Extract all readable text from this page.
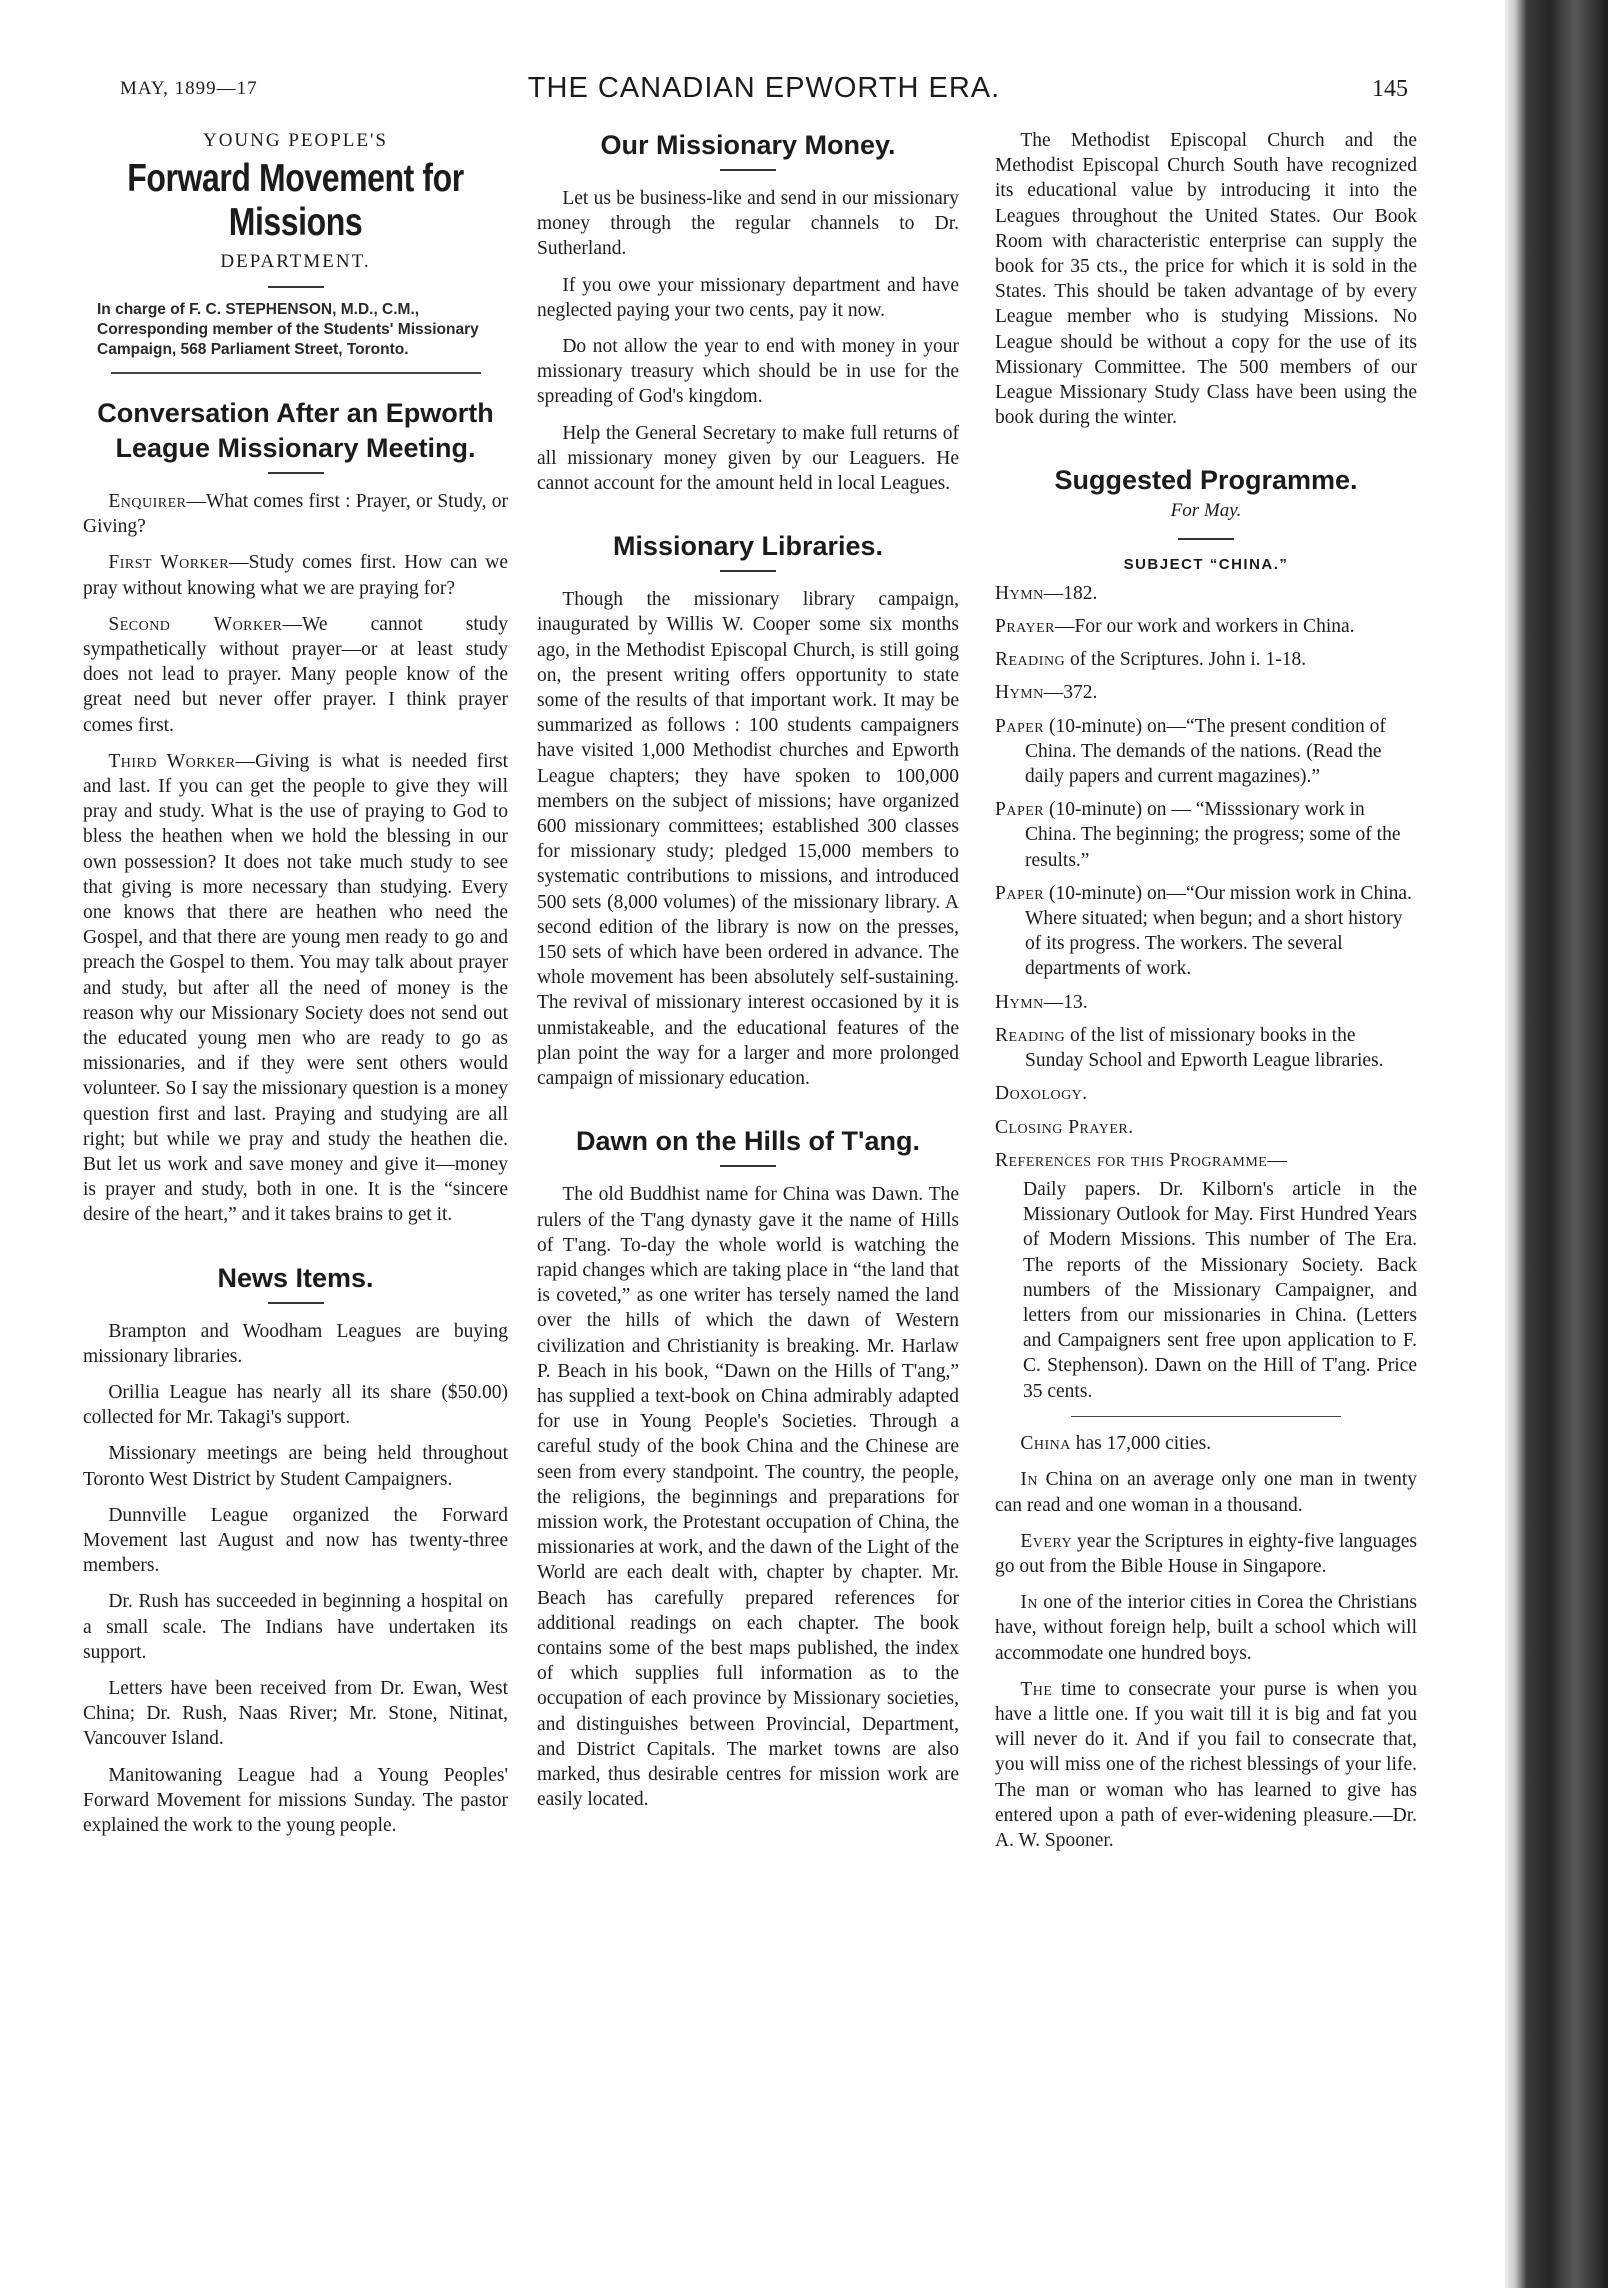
MAY, 1899—17	THE CANADIAN EPWORTH ERA.	145
YOUNG PEOPLE'S
Forward Movement for Missions
DEPARTMENT.
In charge of F. C. STEPHENSON, M.D., C.M., Corresponding member of the Students' Missionary Campaign, 568 Parliament Street, Toronto.
Conversation After an Epworth League Missionary Meeting.

Enquirer—What comes first : Prayer, or Study, or Giving?

First Worker—Study comes first. How can we pray without knowing what we are praying for?

Second Worker—We cannot study sympathetically without prayer—or at least study does not lead to prayer. Many people know of the great need but never offer prayer. I think prayer comes first.

Third Worker—Giving is what is needed first and last. If you can get the people to give they will pray and study. What is the use of praying to God to bless the heathen when we hold the blessing in our own possession? It does not take much study to see that giving is more necessary than studying. Every one knows that there are heathen who need the Gospel, and that there are young men ready to go and preach the Gospel to them. You may talk about prayer and study, but after all the need of money is the reason why our Missionary Society does not send out the educated young men who are ready to go as missionaries, and if they were sent others would volunteer. So I say the missionary question is a money question first and last. Praying and studying are all right; but while we pray and study the heathen die. But let us work and save money and give it—money is prayer and study, both in one. It is the “sincere desire of the heart,” and it takes brains to get it.

News Items.

Brampton and Woodham Leagues are buying missionary libraries.

Orillia League has nearly all its share ($50.00) collected for Mr. Takagi's support.

Missionary meetings are being held throughout Toronto West District by Student Campaigners.

Dunnville League organized the Forward Movement last August and now has twenty-three members.

Dr. Rush has succeeded in beginning a hospital on a small scale. The Indians have undertaken its support.

Letters have been received from Dr. Ewan, West China; Dr. Rush, Naas River; Mr. Stone, Nitinat, Vancouver Island.

Manitowaning League had a Young Peoples' Forward Movement for missions Sunday. The pastor explained the work to the young people.

Our Missionary Money.

Let us be business-like and send in our missionary money through the regular channels to Dr. Sutherland.

If you owe your missionary department and have neglected paying your two cents, pay it now.

Do not allow the year to end with money in your missionary treasury which should be in use for the spreading of God's kingdom.

Help the General Secretary to make full returns of all missionary money given by our Leaguers. He cannot account for the amount held in local Leagues.

Missionary Libraries.

Though the missionary library campaign, inaugurated by Willis W. Cooper some six months ago, in the Methodist Episcopal Church, is still going on, the present writing offers opportunity to state some of the results of that important work. It may be summarized as follows : 100 students campaigners have visited 1,000 Methodist churches and Epworth League chapters; they have spoken to 100,000 members on the subject of missions; have organized 600 missionary committees; established 300 classes for missionary study; pledged 15,000 members to systematic contributions to missions, and introduced 500 sets (8,000 volumes) of the missionary library. A second edition of the library is now on the presses, 150 sets of which have been ordered in advance. The whole movement has been absolutely self-sustaining. The revival of missionary interest occasioned by it is unmistakeable, and the educational features of the plan point the way for a larger and more prolonged campaign of missionary education.

Dawn on the Hills of T'ang.

The old Buddhist name for China was Dawn. The rulers of the T'ang dynasty gave it the name of Hills of T'ang. To-day the whole world is watching the rapid changes which are taking place in “the land that is coveted,” as one writer has tersely named the land over the hills of which the dawn of Western civilization and Christianity is breaking. Mr. Harlaw P. Beach in his book, “Dawn on the Hills of T'ang,” has supplied a text-book on China admirably adapted for use in Young People's Societies. Through a careful study of the book China and the Chinese are seen from every standpoint. The country, the people, the religions, the beginnings and preparations for mission work, the Protestant occupation of China, the missionaries at work, and the dawn of the Light of the World are each dealt with, chapter by chapter. Mr. Beach has carefully prepared references for additional readings on each chapter. The book contains some of the best maps published, the index of which supplies full information as to the occupation of each province by Missionary societies, and distinguishes between Provincial, Department, and District Capitals. The market towns are also marked, thus desirable centres for mission work are easily located.

The Methodist Episcopal Church and the Methodist Episcopal Church South have recognized its educational value by introducing it into the Leagues throughout the United States. Our Book Room with characteristic enterprise can supply the book for 35 cts., the price for which it is sold in the States. This should be taken advantage of by every League member who is studying Missions. No League should be without a copy for the use of its Missionary Committee. The 500 members of our League Missionary Study Class have been using the book during the winter.

Suggested Programme.
For May.
SUBJECT “CHINA.”
Hymn—182.
Prayer—For our work and workers in China.
Reading of the Scriptures. John i. 1-18.
Hymn—372.
Paper (10-minute) on—“The present condition of China. The demands of the nations. (Read the daily papers and current magazines).”
Paper (10-minute) on — “Misssionary work in China. The beginning; the progress; some of the results.”
Paper (10-minute) on—“Our mission work in China. Where situated; when begun; and a short history of its progress. The workers. The several departments of work.
Hymn—13.
Reading of the list of missionary books in the Sunday School and Epworth League libraries.
Doxology.
Closing Prayer.
References for this Programme—
Daily papers. Dr. Kilborn's article in the Missionary Outlook for May. First Hundred Years of Modern Missions. This number of The Era. The reports of the Missionary Society. Back numbers of the Missionary Campaigner, and letters from our missionaries in China. (Letters and Campaigners sent free upon application to F. C. Stephenson). Dawn on the Hill of T'ang. Price 35 cents.

China has 17,000 cities.

In China on an average only one man in twenty can read and one woman in a thousand.

Every year the Scriptures in eighty-five languages go out from the Bible House in Singapore.

In one of the interior cities in Corea the Christians have, without foreign help, built a school which will accommodate one hundred boys.

The time to consecrate your purse is when you have a little one. If you wait till it is big and fat you will never do it. And if you fail to consecrate that, you will miss one of the richest blessings of your life. The man or woman who has learned to give has entered upon a path of ever-widening pleasure.—Dr. A. W. Spooner.
